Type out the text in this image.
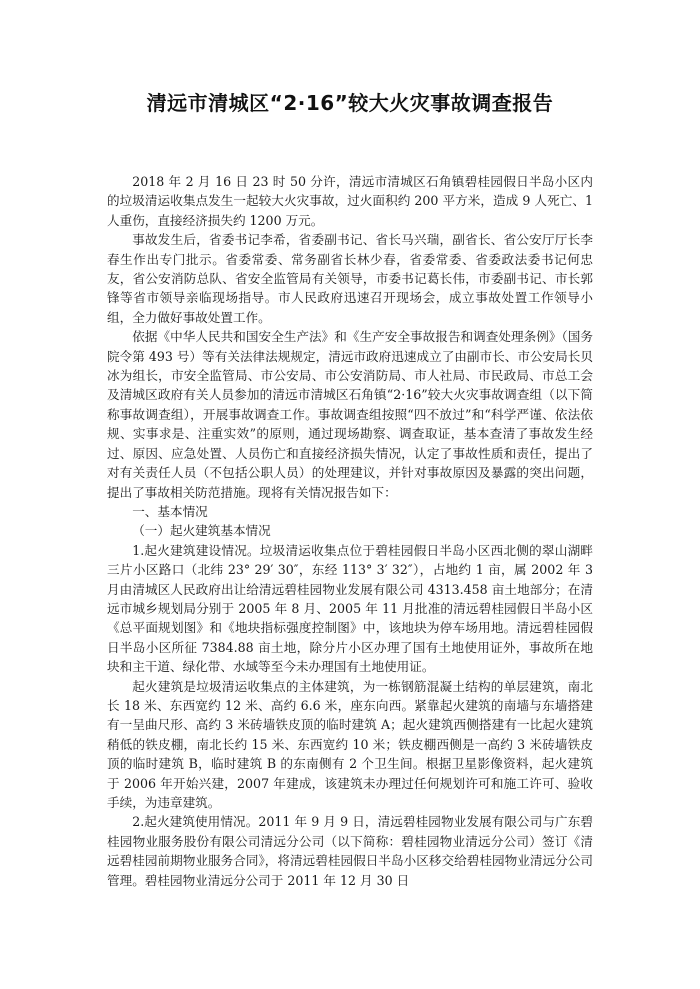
清远市清城区“2·16”较大火灾事故调查报告

2018 年 2 月 16 日 23 时 50 分许，清远市清城区石角镇碧桂园假日半岛小区内的垃圾清运收集点发生一起较大火灾事故，过火面积约 200 平方米，造成 9 人死亡、1 人重伤，直接经济损失约 1200 万元。

事故发生后，省委书记李希，省委副书记、省长马兴瑞，副省长、省公安厅厅长李春生作出专门批示。省委常委、常务副省长林少春，省委常委、省委政法委书记何忠友，省公安消防总队、省安全监管局有关领导，市委书记葛长伟，市委副书记、市长郭锋等省市领导亲临现场指导。市人民政府迅速召开现场会，成立事故处置工作领导小组，全力做好事故处置工作。

依据《中华人民共和国安全生产法》和《生产安全事故报告和调查处理条例》（国务院令第 493 号）等有关法律法规规定，清远市政府迅速成立了由副市长、市公安局长贝冰为组长，市安全监管局、市公安局、市公安消防局、市人社局、市民政局、市总工会及清城区政府有关人员参加的清远市清城区石角镇“2·16”较大火灾事故调查组（以下简称事故调查组），开展事故调查工作。事故调查组按照“四不放过”和“科学严谨、依法依规、实事求是、注重实效”的原则，通过现场勘察、调查取证，基本查清了事故发生经过、原因、应急处置、人员伤亡和直接经济损失情况，认定了事故性质和责任，提出了对有关责任人员（不包括公职人员）的处理建议，并针对事故原因及暴露的突出问题，提出了事故相关防范措施。现将有关情况报告如下：

一、基本情况

（一）起火建筑基本情况

1.起火建筑建设情况。垃圾清运收集点位于碧桂园假日半岛小区西北侧的翠山湖畔三片小区路口（北纬 23° 29′ 30″，东经 113° 3′ 32″），占地约 1 亩，属 2002 年 3 月由清城区人民政府出让给清远碧桂园物业发展有限公司 4313.458 亩土地部分；在清远市城乡规划局分别于 2005 年 8 月、2005 年 11 月批准的清远碧桂园假日半岛小区《总平面规划图》和《地块指标强度控制图》中，该地块为停车场用地。清远碧桂园假日半岛小区所征 7384.88 亩土地，除分片小区办理了国有土地使用证外，事故所在地块和主干道、绿化带、水域等至今未办理国有土地使用证。

起火建筑是垃圾清运收集点的主体建筑，为一栋钢筋混凝土结构的单层建筑，南北长 18 米、东西宽约 12 米、高约 6.6 米，座东向西。紧靠起火建筑的南墙与东墙搭建有一呈曲尺形、高约 3 米砖墙铁皮顶的临时建筑 A；起火建筑西侧搭建有一比起火建筑稍低的铁皮棚，南北长约 15 米、东西宽约 10 米；铁皮棚西侧是一高约 3 米砖墙铁皮顶的临时建筑 B，临时建筑 B 的东南侧有 2 个卫生间。根据卫星影像资料，起火建筑于 2006 年开始兴建，2007 年建成，该建筑未办理过任何规划许可和施工许可、验收手续，为违章建筑。

2.起火建筑使用情况。2011 年 9 月 9 日，清远碧桂园物业发展有限公司与广东碧桂园物业服务股份有限公司清远分公司（以下简称：碧桂园物业清远分公司）签订《清远碧桂园前期物业服务合同》，将清远碧桂园假日半岛小区移交给碧桂园物业清远分公司管理。碧桂园物业清远分公司于 2011 年 12 月 30 日
